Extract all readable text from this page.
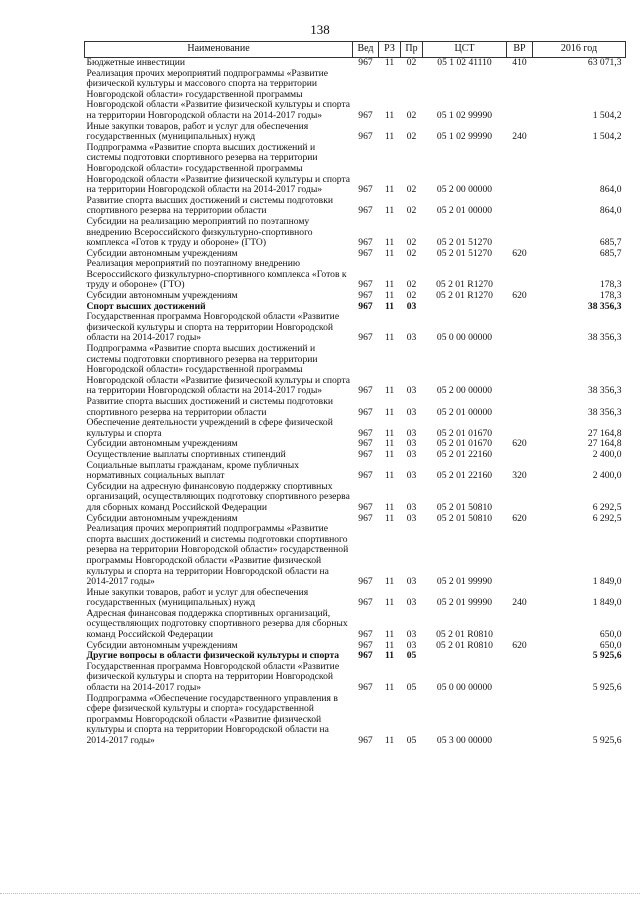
138
Наименование	Вед	РЗ	Пр	ЦСТ	ВР	2016 год
Бюджетные инвестиции	967	11	02	05 1 02 41110	410	63 071,3
Реализация прочих мероприятий подпрограммы «Развитие физической культуры и массового спорта на территории Новгородской области» государственной программы Новгородской области «Развитие физической культуры и спорта на территории Новгородской области на 2014-2017 годы»	967	11	02	05 1 02 99990		1 504,2
Иные закупки товаров, работ и услуг для обеспечения государственных (муниципальных) нужд	967	11	02	05 1 02 99990	240	1 504,2
Подпрограмма «Развитие спорта высших достижений и системы подготовки спортивного резерва на территории Новгородской области» государственной программы Новгородской области «Развитие физической культуры и спорта на территории Новгородской области на 2014-2017 годы»	967	11	02	05 2 00 00000		864,0
Развитие спорта высших достижений и системы подготовки спортивного резерва на территории области	967	11	02	05 2 01 00000		864,0
Субсидии на реализацию мероприятий по поэтапному внедрению Всероссийского физкультурно-спортивного комплекса «Готов к труду и обороне» (ГТО)	967	11	02	05 2 01 51270		685,7
Субсидии автономным учреждениям	967	11	02	05 2 01 51270	620	685,7
Реализация мероприятий по поэтапному внедрению Всероссийского физкультурно-спортивного комплекса «Готов к труду и обороне» (ГТО)	967	11	02	05 2 01 R1270		178,3
Субсидии автономным учреждениям	967	11	02	05 2 01 R1270	620	178,3
Спорт высших достижений	967	11	03			38 356,3
Государственная программа Новгородской области «Развитие физической культуры и спорта на территории Новгородской области на 2014-2017 годы»	967	11	03	05 0 00 00000		38 356,3
Подпрограмма «Развитие спорта высших достижений и системы подготовки спортивного резерва на территории Новгородской области» государственной программы Новгородской области «Развитие физической культуры и спорта на территории Новгородской области на 2014-2017 годы»	967	11	03	05 2 00 00000		38 356,3
Развитие спорта высших достижений и системы подготовки спортивного резерва на территории области	967	11	03	05 2 01 00000		38 356,3
Обеспечение деятельности учреждений в сфере физической культуры и спорта	967	11	03	05 2 01 01670		27 164,8
Субсидии автономным учреждениям	967	11	03	05 2 01 01670	620	27 164,8
Осуществление выплаты спортивных стипендий	967	11	03	05 2 01 22160		2 400,0
Социальные выплаты гражданам, кроме публичных нормативных социальных выплат	967	11	03	05 2 01 22160	320	2 400,0
Субсидии на адресную финансовую поддержку спортивных организаций, осуществляющих подготовку спортивного резерва для сборных команд Российской Федерации	967	11	03	05 2 01 50810		6 292,5
Субсидии автономным учреждениям	967	11	03	05 2 01 50810	620	6 292,5
Реализация прочих мероприятий подпрограммы «Развитие спорта высших достижений и системы подготовки спортивного резерва на территории Новгородской области» государственной программы Новгородской области «Развитие физической культуры и спорта на территории Новгородской области на 2014-2017 годы»	967	11	03	05 2 01 99990		1 849,0
Иные закупки товаров, работ и услуг для обеспечения государственных (муниципальных) нужд	967	11	03	05 2 01 99990	240	1 849,0
Адресная финансовая поддержка спортивных организаций, осуществляющих подготовку спортивного резерва для сборных команд Российской Федерации	967	11	03	05 2 01 R0810		650,0
Субсидии автономным учреждениям	967	11	03	05 2 01 R0810	620	650,0
Другие вопросы в области физической культуры и спорта	967	11	05			5 925,6
Государственная программа Новгородской области «Развитие физической культуры и спорта на территории Новгородской области на 2014-2017 годы»	967	11	05	05 0 00 00000		5 925,6
Подпрограмма «Обеспечение государственного управления в сфере физической культуры и спорта» государственной программы Новгородской области «Развитие физической культуры и спорта на территории Новгородской области на 2014-2017 годы»	967	11	05	05 3 00 00000		5 925,6
